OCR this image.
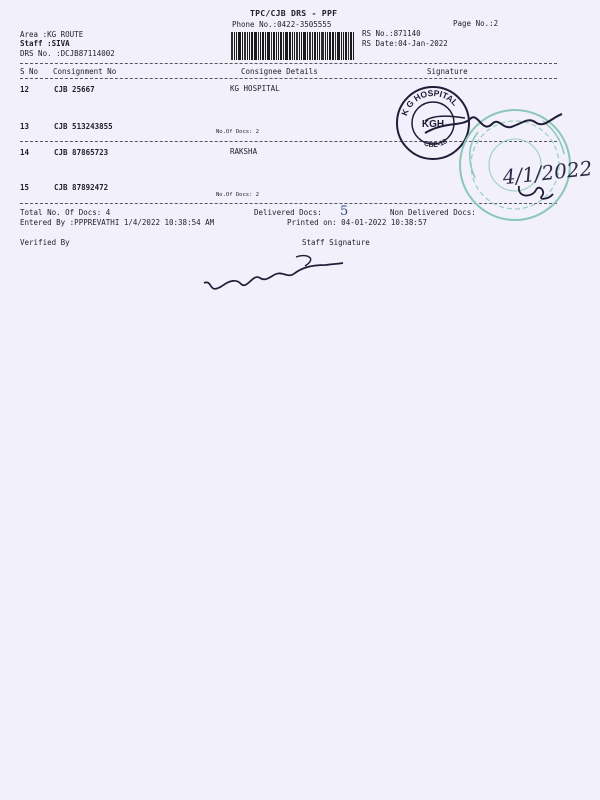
TPC/CJB DRS - PPF
Phone No.:0422-3505555	Page No.:2
Area :KG ROUTE
Staff :SIVA
DRS No. :DCJB87114002
RS No.:871140
RS Date:04-Jan-2022
S No Consignment No	Consignee Details	Signature
12	CJB 25667	KG HOSPITAL
13	CJB 513243855
No.Of Docs: 2
14	CJB 87865723	RAKSHA
15	CJB 87892472
No.Of Docs: 2
Total No. Of Docs: 4	Delivered Docs: 5	Non Delivered Docs:
Entered By :PPPREVATHI 1/4/2022 10:38:54 AM	Printed on: 04-01-2022 10:38:57
Verified By	Staff Signature
K G HOSPITAL
CBE-18
KGH
4/1/2022
